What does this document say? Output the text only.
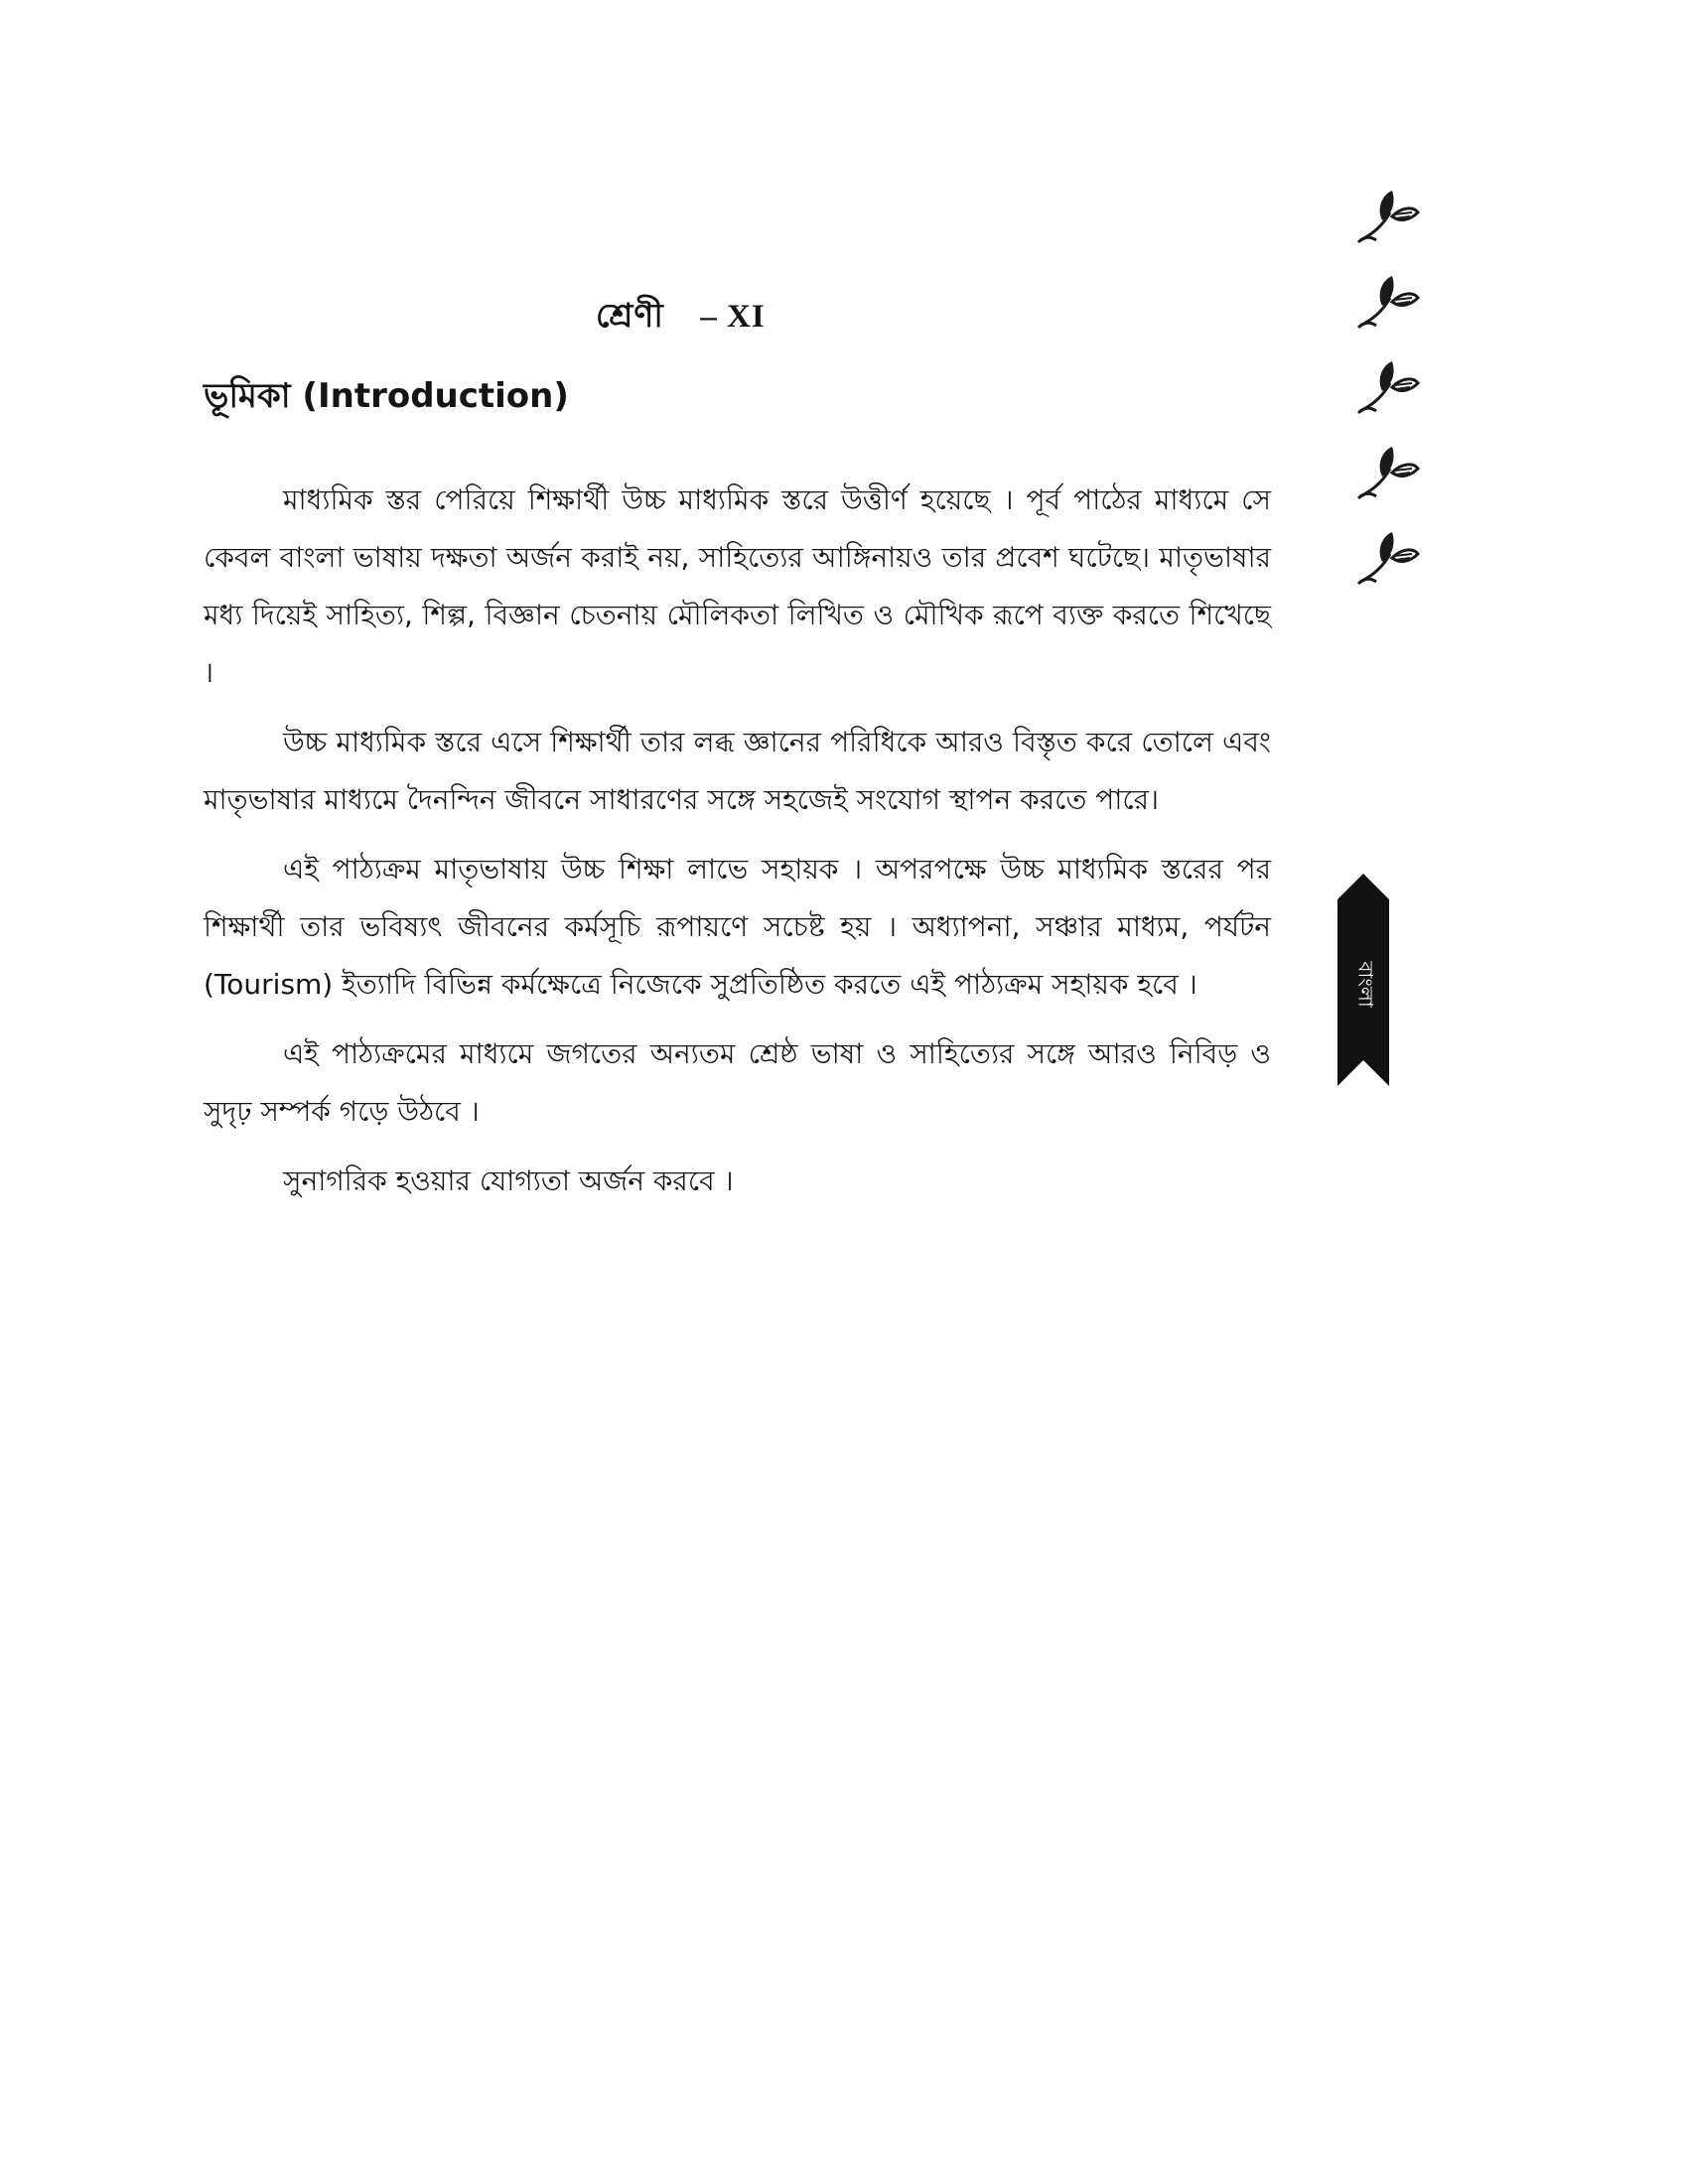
শ্রেণী – XI
ভূমিকা (Introduction)

মাধ্যমিক স্তর পেরিয়ে শিক্ষার্থী উচ্চ মাধ্যমিক স্তরে উত্তীর্ণ হয়েছে । পূর্ব পাঠের মাধ্যমে সে কেবল বাংলা ভাষায় দক্ষতা অর্জন করাই নয়, সাহিত্যের আঙ্গিনায়ও তার প্রবেশ ঘটেছে। মাতৃভাষার মধ্য দিয়েই সাহিত্য, শিল্প, বিজ্ঞান চেতনায় মৌলিকতা লিখিত ও মৌখিক রূপে ব্যক্ত করতে শিখেছে ।

উচ্চ মাধ্যমিক স্তরে এসে শিক্ষার্থী তার লব্ধ জ্ঞানের পরিধিকে আরও বিস্তৃত করে তোলে এবং মাতৃভাষার মাধ্যমে দৈনন্দিন জীবনে সাধারণের সঙ্গে সহজেই সংযোগ স্থাপন করতে পারে।

এই পাঠ্যক্রম মাতৃভাষায় উচ্চ শিক্ষা লাভে সহায়ক । অপরপক্ষে উচ্চ মাধ্যমিক স্তরের পর শিক্ষার্থী তার ভবিষ্যৎ জীবনের কর্মসূচি রূপায়ণে সচেষ্ট হয় । অধ্যাপনা, সঞ্চার মাধ্যম, পর্যটন (Tourism) ইত্যাদি বিভিন্ন কর্মক্ষেত্রে নিজেকে সুপ্রতিষ্ঠিত করতে এই পাঠ্যক্রম সহায়ক হবে ।

এই পাঠ্যক্রমের মাধ্যমে জগতের অন্যতম শ্রেষ্ঠ ভাষা ও সাহিত্যের সঙ্গে আরও নিবিড় ও সুদৃঢ় সম্পর্ক গড়ে উঠবে ।

সুনাগরিক হওয়ার যোগ্যতা অর্জন করবে ।

বাংলা
